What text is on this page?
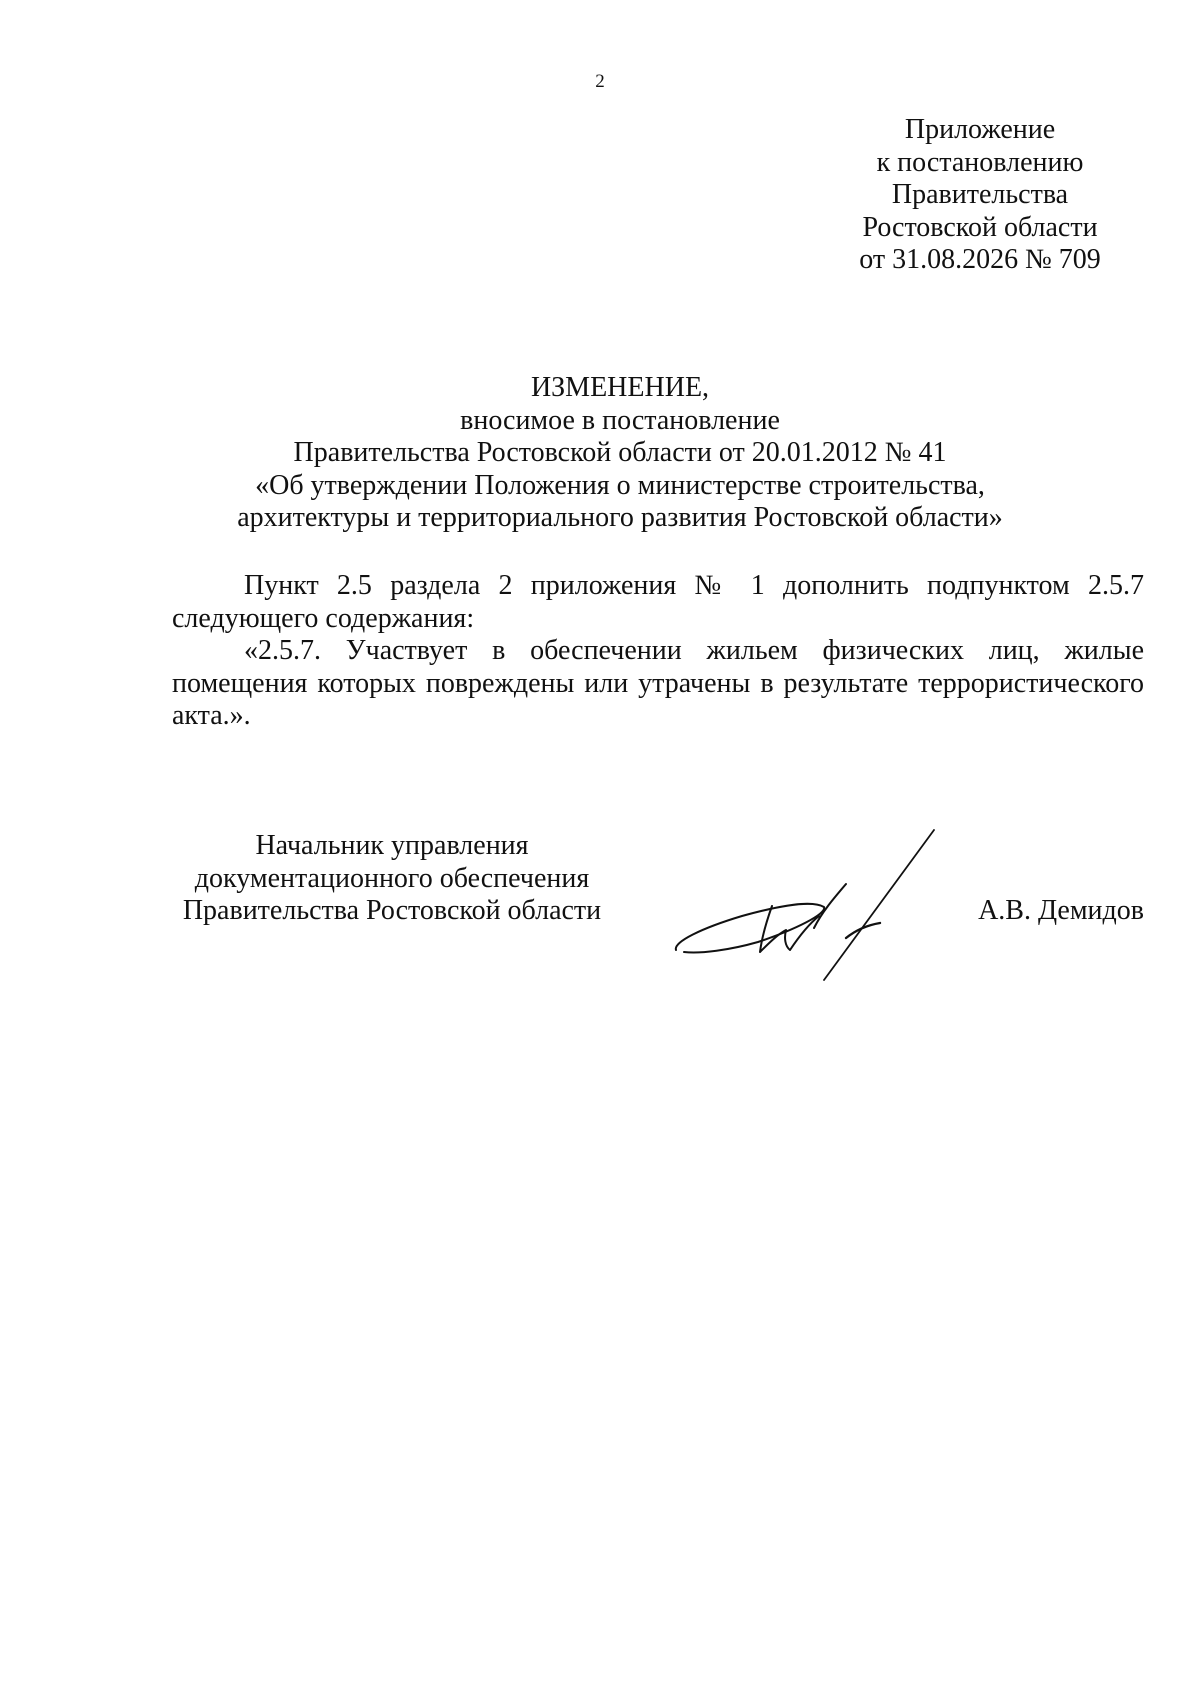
2
Приложение
к постановлению
Правительства
Ростовской области
от 31.08.2026 № 709
ИЗМЕНЕНИЕ,
вносимое в постановление
Правительства Ростовской области от 20.01.2012 № 41
«Об утверждении Положения о министерстве строительства,
архитектуры и территориального развития Ростовской области»

Пункт 2.5 раздела 2 приложения № 1 дополнить подпунктом 2.5.7 следующего содержания:

«2.5.7. Участвует в обеспечении жильем физических лиц, жилые помещения которых повреждены или утрачены в результате террористического акта.».

Начальник управления
документационного обеспечения
Правительства Ростовской области	А.В. Демидов
